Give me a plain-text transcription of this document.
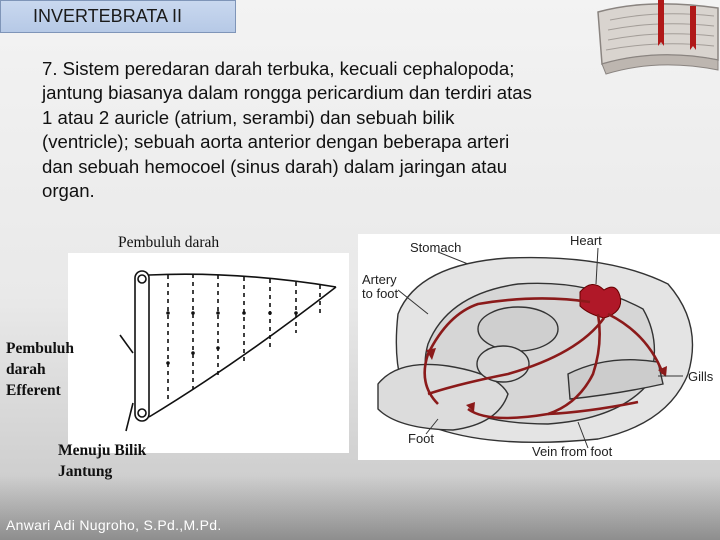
INVERTEBRATA II

7. Sistem peredaran darah terbuka, kecuali cephalopoda;

jantung biasanya dalam rongga pericardium dan terdiri atas

1 atau 2 auricle (atrium, serambi) dan sebuah bilik

(ventricle); sebuah aorta anterior dengan beberapa arteri

dan sebuah hemocoel (sinus darah) dalam jaringan atau

organ.

Pembuluh darah
Pembuluh
darah
Efferent
Menuju Bilik
Jantung
Stomach	Heart
Artery
to foot
Gills
Foot
Vein from foot
Anwari Adi Nugroho, S.Pd.,M.Pd.
